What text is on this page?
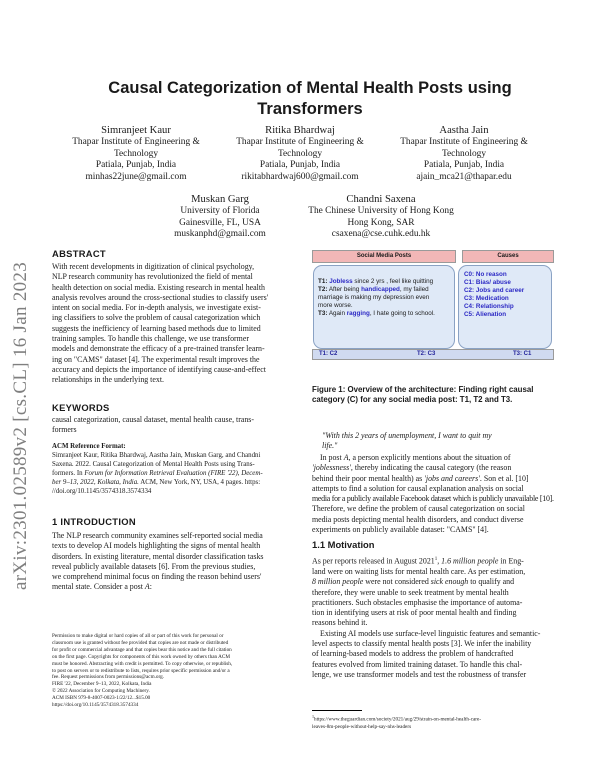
arXiv:2301.02589v2 [cs.CL] 16 Jan 2023
Causal Categorization of Mental Health Posts using
Transformers
Simranjeet Kaur
Thapar Institute of Engineering &
Technology
Patiala, Punjab, India
minhas22june@gmail.com
Ritika Bhardwaj
Thapar Institute of Engineering &
Technology
Patiala, Punjab, India
rikitabhardwaj600@gmail.com
Aastha Jain
Thapar Institute of Engineering &
Technology
Patiala, Punjab, India
ajain_mca21@thapar.edu
Muskan Garg
University of Florida
Gainesville, FL, USA
muskanphd@gmail.com
Chandni Saxena
The Chinese University of Hong Kong
Hong Kong, SAR
csaxena@cse.cuhk.edu.hk
ABSTRACT
With recent developments in digitization of clinical psychology,
NLP research community has revolutionized the field of mental
health detection on social media. Existing research in mental health
analysis revolves around the cross-sectional studies to classify users'
intent on social media. For in-depth analysis, we investigate exist-
ing classifiers to solve the problem of causal categorization which
suggests the inefficiency of learning based methods due to limited
training samples. To handle this challenge, we use transformer
models and demonstrate the efficacy of a pre-trained transfer learn-
ing on "CAMS" dataset [4]. The experimental result improves the
accuracy and depicts the importance of identifying cause-and-effect
relationships in the underlying text.
KEYWORDS
causal categorization, causal dataset, mental health cause, trans-
formers
ACM Reference Format:
Simranjeet Kaur, Ritika Bhardwaj, Aastha Jain, Muskan Garg, and Chandni
Saxena. 2022. Causal Categorization of Mental Health Posts using Trans-
formers. In Forum for Information Retrieval Evaluation (FIRE '22), Decem-
ber 9–13, 2022, Kolkata, India. ACM, New York, NY, USA, 4 pages. https:
//doi.org/10.1145/3574318.3574334
1 INTRODUCTION
The NLP research community examines self-reported social media
texts to develop AI models highlighting the signs of mental health
disorders. In existing literature, mental disorder classification tasks
reveal publicly available datasets [6]. From the previous studies,
we comprehend minimal focus on finding the reason behind users'
mental state. Consider a post A:
Permission to make digital or hard copies of all or part of this work for personal or
classroom use is granted without fee provided that copies are not made or distributed
for profit or commercial advantage and that copies bear this notice and the full citation
on the first page. Copyrights for components of this work owned by others than ACM
must be honored. Abstracting with credit is permitted. To copy otherwise, or republish,
to post on servers or to redistribute to lists, requires prior specific permission and/or a
fee. Request permissions from permissions@acm.org.
FIRE '22, December 9–13, 2022, Kolkata, India
© 2022 Association for Computing Machinery.
ACM ISBN 979-8-4007-0023-1/22/12...$15.00
https://doi.org/10.1145/3574318.3574334
Social Media Posts	Causes
T1: Jobless since 2 yrs , feel like quitting
T2: After being handicapped, my failed
marriage is making my depression even
more worse.
T3: Again ragging, I hate going to school.
C0: No reason
C1: Bias/ abuse
C2: Jobs and career
C3: Medication
C4: Relationship
C5: Alienation
T1: C2	T2: C3	T3: C1
Figure 1: Overview of the architecture: Finding right causal
category (C) for any social media post: T1, T2 and T3.
"With this 2 years of unemployment, I want to quit my
life."
In post A, a person explicitly mentions about the situation of
'joblessness', thereby indicating the causal category (the reason
behind their poor mental health) as 'jobs and careers'. Son et al. [10]
attempts to find a solution for causal explanation analysis on social
media for a publicly available Facebook dataset which is publicly unavailable [10].
Therefore, we define the problem of causal categorization on social
media posts depicting mental health disorders, and conduct diverse
experiments on publicly available dataset: "CAMS" [4].
1.1 Motivation
As per reports released in August 2021$^1$, 1.6 million people in Eng-
land were on waiting lists for mental health care. As per estimation,
8 million people were not considered sick enough to qualify and
therefore, they were unable to seek treatment by mental health
practitioners. Such obstacles emphasise the importance of automa-
tion in identifying users at risk of poor mental health and finding
reasons behind it.
Existing AI models use surface-level linguistic features and semantic-
level aspects to classify mental health posts [3]. We infer the inability
of learning-based models to address the problem of handcrafted
features evolved from limited training dataset. To handle this chal-
lenge, we use transformer models and test the robustness of transfer
$^1$https://www.theguardian.com/society/2021/aug/29/strain-on-mental-health-care-
leaves-8m-people-without-help-say-nhs-leaders
